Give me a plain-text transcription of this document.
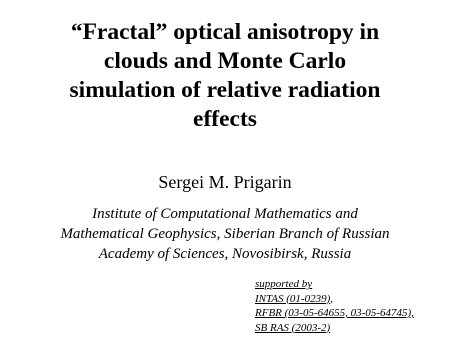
“Fractal” optical anisotropy in
clouds and Monte Carlo
simulation of relative radiation
effects
Sergei M. Prigarin
Institute of Computational Mathematics and
Mathematical Geophysics, Siberian Branch of Russian
Academy of Sciences, Novosibirsk, Russia
supported by
INTAS (01-0239),
RFBR (03-05-64655, 03-05-64745),
SB RAS (2003-2)
